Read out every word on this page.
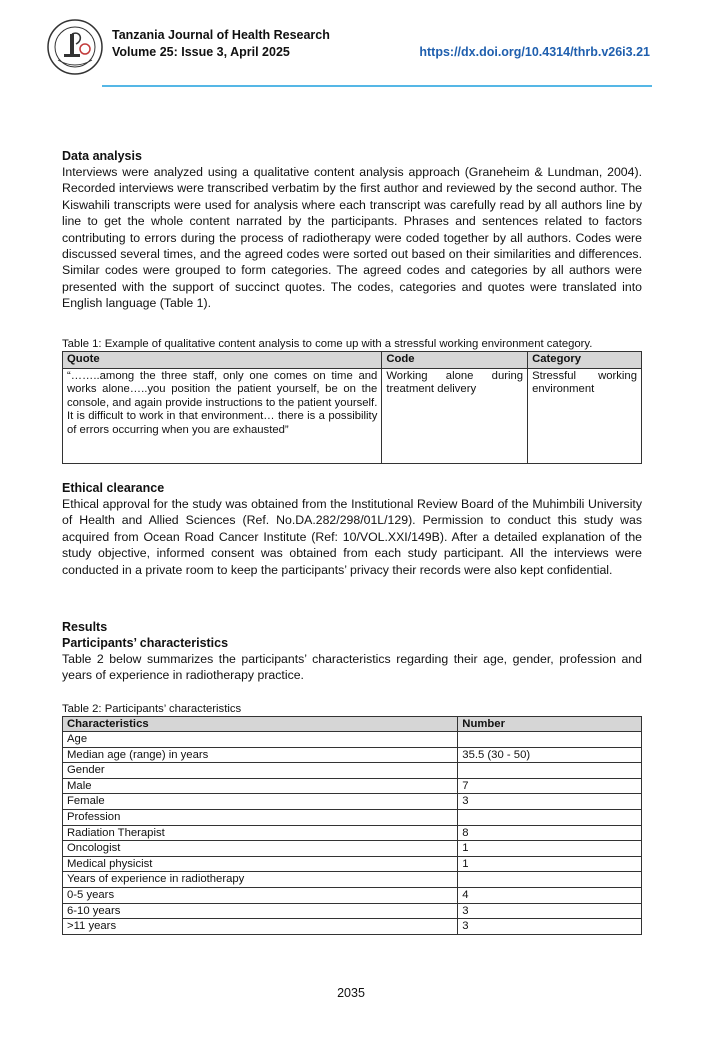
Tanzania Journal of Health Research
Volume 25: Issue 3, April 2025	https://dx.doi.org/10.4314/thrb.v26i3.21
Data analysis
Interviews were analyzed using a qualitative content analysis approach (Graneheim & Lundman, 2004). Recorded interviews were transcribed verbatim by the first author and reviewed by the second author. The Kiswahili transcripts were used for analysis where each transcript was carefully read by all authors line by line to get the whole content narrated by the participants. Phrases and sentences related to factors contributing to errors during the process of radiotherapy were coded together by all authors. Codes were discussed several times, and the agreed codes were sorted out based on their similarities and differences. Similar codes were grouped to form categories. The agreed codes and categories by all authors were presented with the support of succinct quotes. The codes, categories and quotes were translated into English language (Table 1).
Table 1: Example of qualitative content analysis to come up with a stressful working environment category.
Quote	Code	Category
“……..among the three staff, only one comes on time and works alone…..you position the patient yourself, be on the console, and again provide instructions to the patient yourself. It is difficult to work in that environment… there is a possibility of errors occurring when you are exhausted”	Working alone during treatment delivery	Stressful working environment
Ethical clearance
Ethical approval for the study was obtained from the Institutional Review Board of the Muhimbili University of Health and Allied Sciences (Ref. No.DA.282/298/01L/129). Permission to conduct this study was acquired from Ocean Road Cancer Institute (Ref: 10/VOL.XXI/149B). After a detailed explanation of the study objective, informed consent was obtained from each study participant. All the interviews were conducted in a private room to keep the participants’ privacy their records were also kept confidential.
Results
Participants’ characteristics
Table 2 below summarizes the participants’ characteristics regarding their age, gender, profession and years of experience in radiotherapy practice.
Table 2: Participants’ characteristics
Characteristics	Number
Age	
Median age (range) in years	35.5 (30 - 50)
Gender	
Male	7
Female	3
Profession	
Radiation Therapist	8
Oncologist	1
Medical physicist	1
Years of experience in radiotherapy	
0-5 years	4
6-10 years	3
>11 years	3
2035
